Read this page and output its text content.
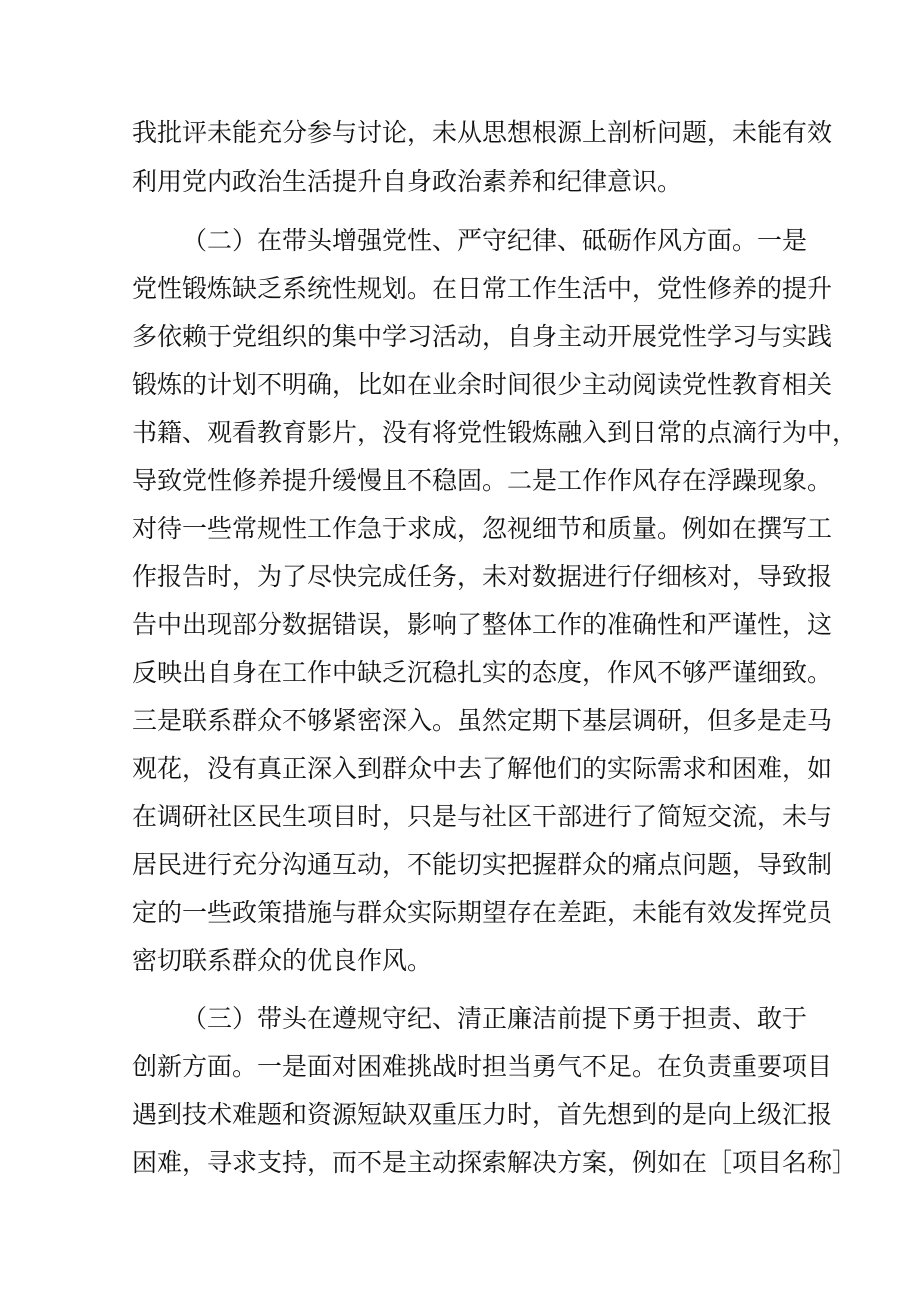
我批评未能充分参与讨论，未从思想根源上剖析问题，未能有效
利用党内政治生活提升自身政治素养和纪律意识。
（二）在带头增强党性、严守纪律、砥砺作风方面。一是
党性锻炼缺乏系统性规划。在日常工作生活中，党性修养的提升
多依赖于党组织的集中学习活动，自身主动开展党性学习与实践
锻炼的计划不明确，比如在业余时间很少主动阅读党性教育相关
书籍、观看教育影片，没有将党性锻炼融入到日常的点滴行为中，
导致党性修养提升缓慢且不稳固。二是工作作风存在浮躁现象。
对待一些常规性工作急于求成，忽视细节和质量。例如在撰写工
作报告时，为了尽快完成任务，未对数据进行仔细核对，导致报
告中出现部分数据错误，影响了整体工作的准确性和严谨性，这
反映出自身在工作中缺乏沉稳扎实的态度，作风不够严谨细致。
三是联系群众不够紧密深入。虽然定期下基层调研，但多是走马
观花，没有真正深入到群众中去了解他们的实际需求和困难，如
在调研社区民生项目时，只是与社区干部进行了简短交流，未与
居民进行充分沟通互动，不能切实把握群众的痛点问题，导致制
定的一些政策措施与群众实际期望存在差距，未能有效发挥党员
密切联系群众的优良作风。
（三）带头在遵规守纪、清正廉洁前提下勇于担责、敢于
创新方面。一是面对困难挑战时担当勇气不足。在负责重要项目
遇到技术难题和资源短缺双重压力时，首先想到的是向上级汇报
困难，寻求支持，而不是主动探索解决方案，例如在［项目名称］
